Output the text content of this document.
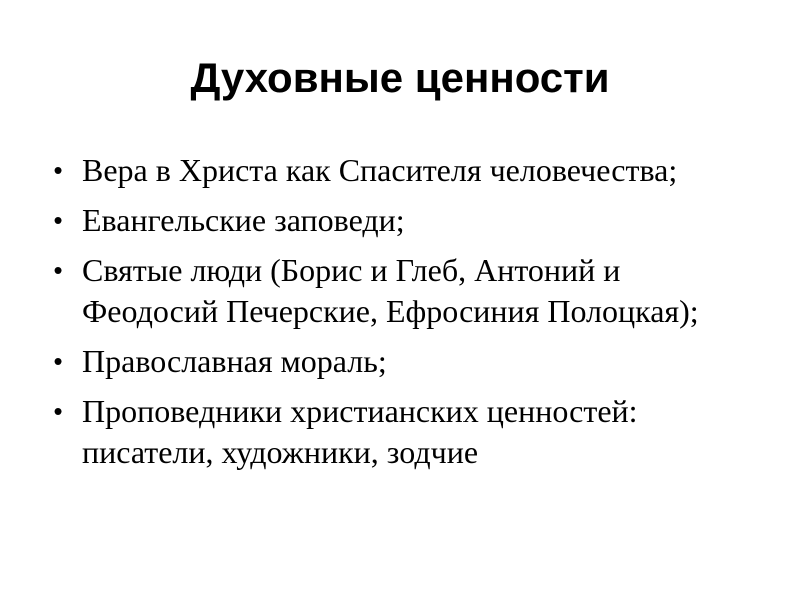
Духовные ценности
• Вера в Христа как Спасителя человечества;
• Евангельские заповеди;
• Святые люди (Борис и Глеб, Антоний и Феодосий Печерские, Ефросиния Полоцкая);
• Православная мораль;
• Проповедники христианских ценностей: писатели, художники, зодчие
